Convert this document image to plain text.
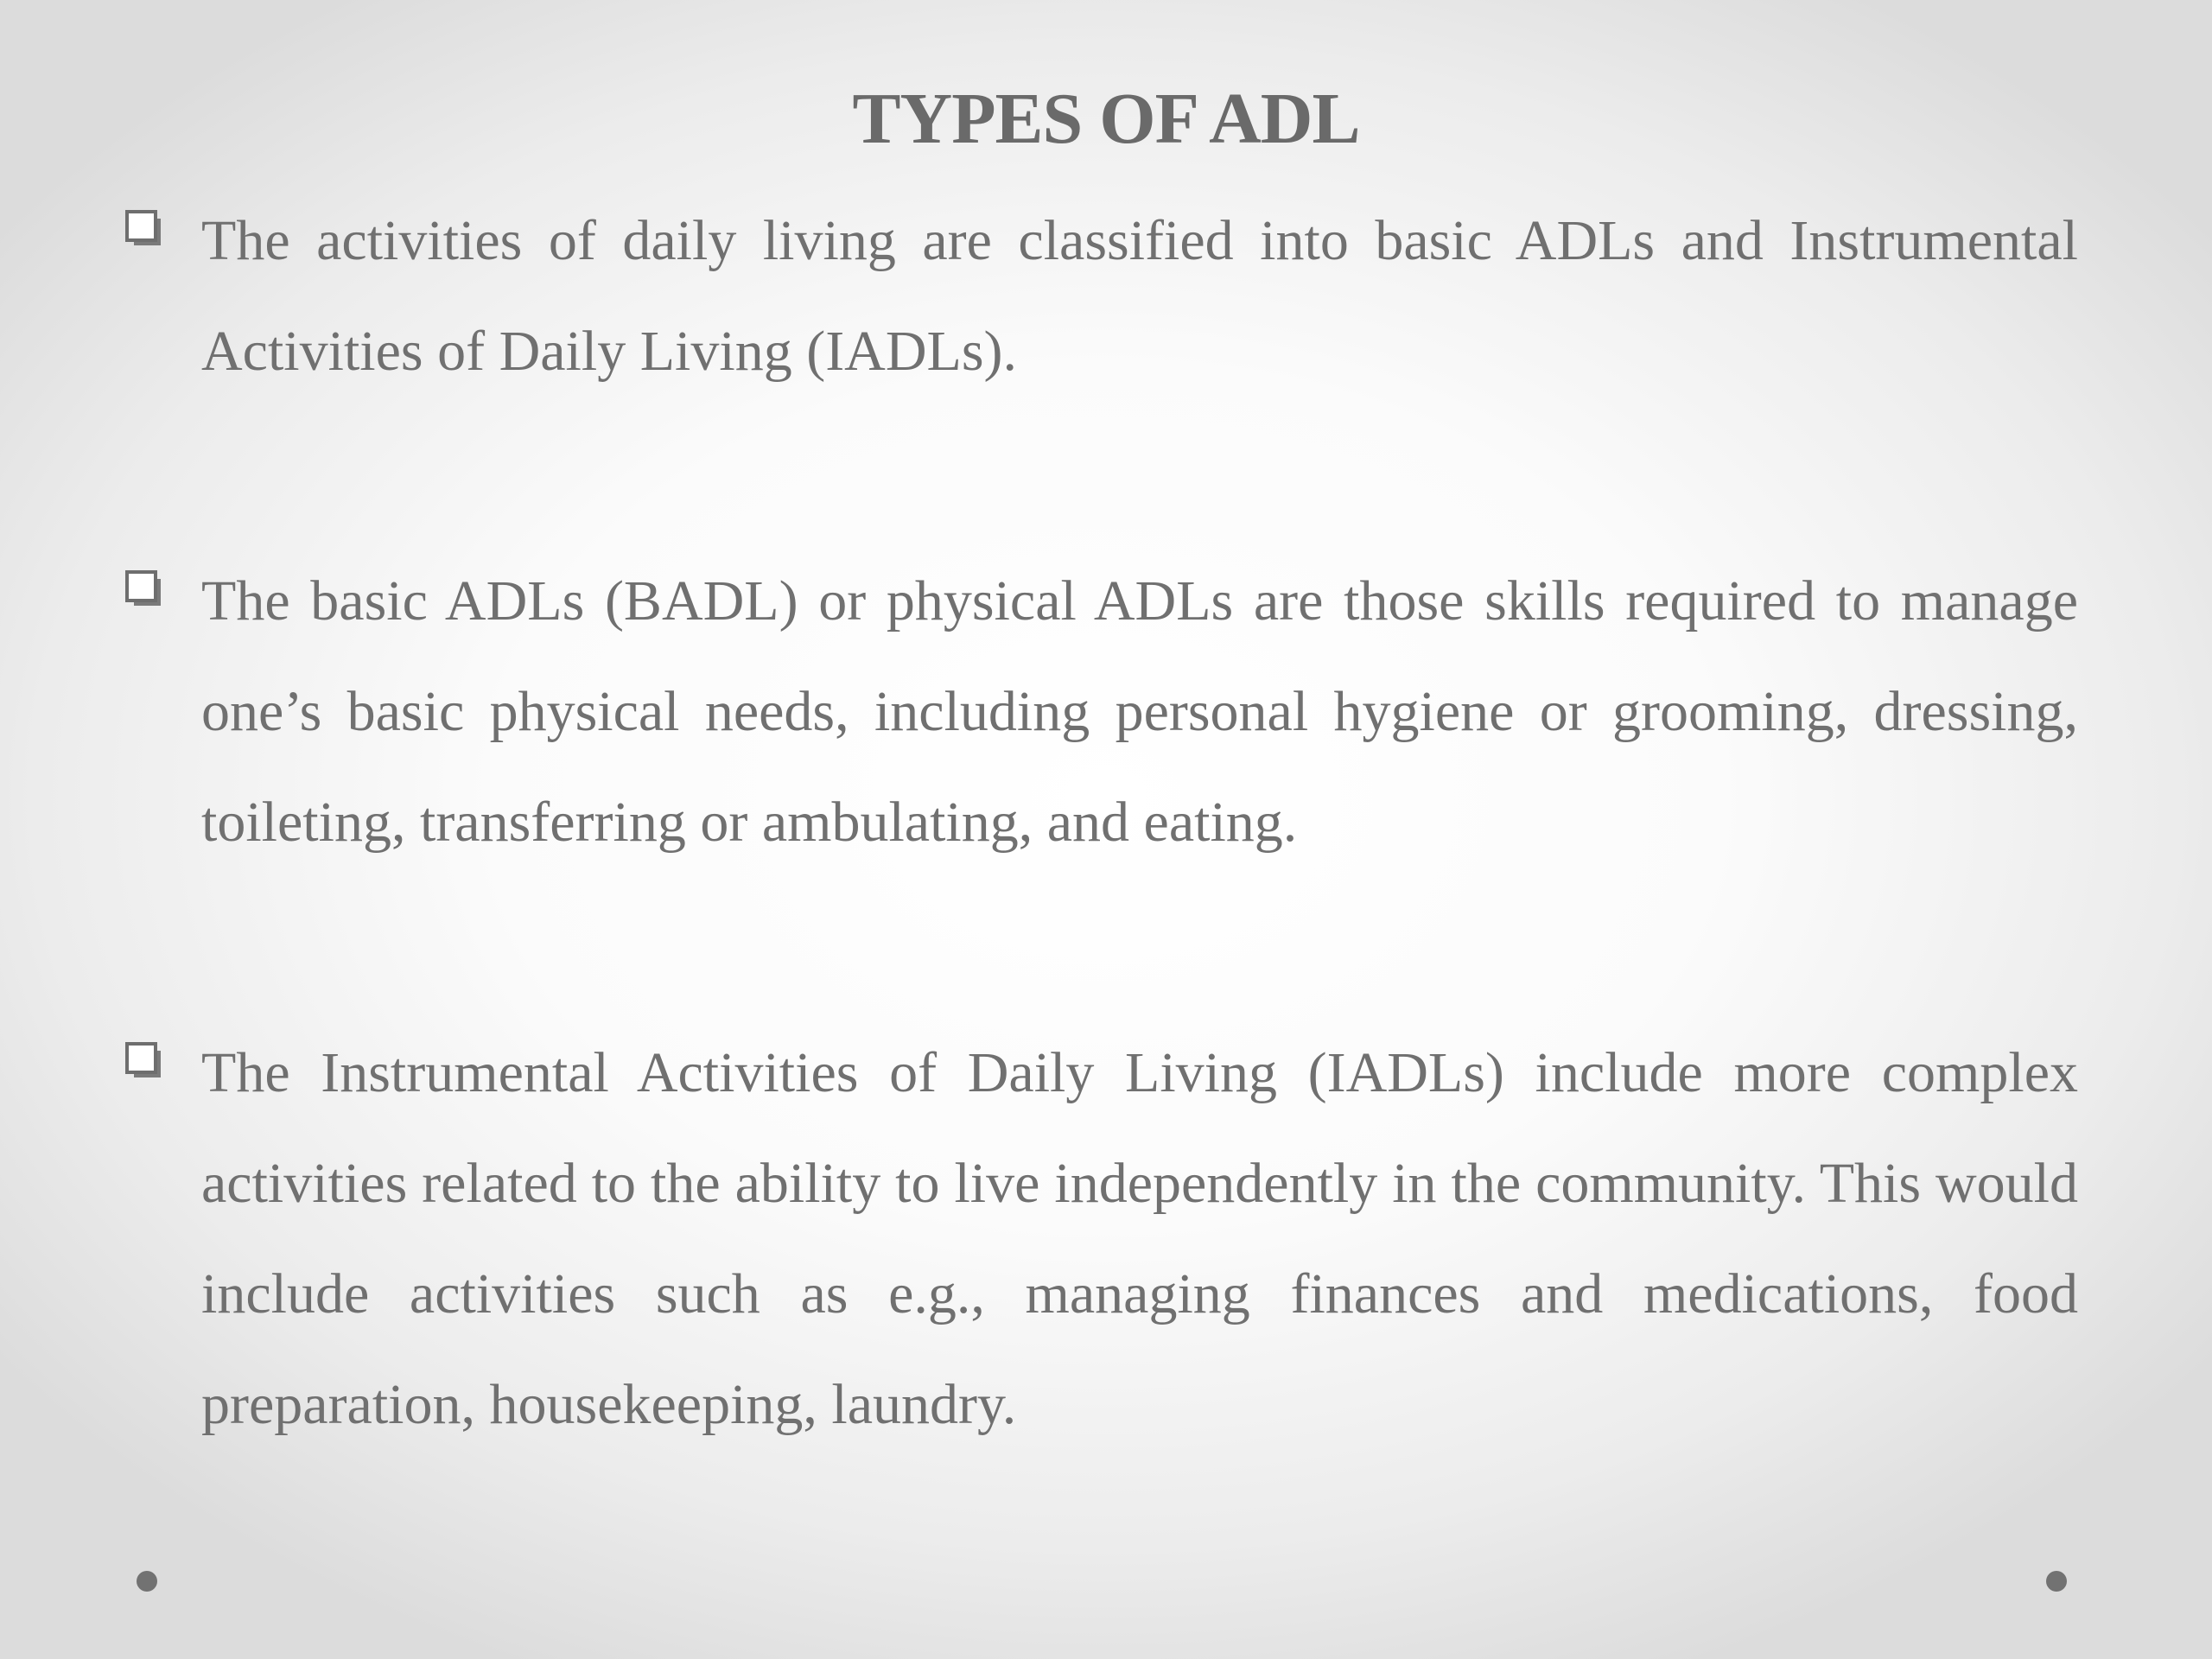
TYPES OF ADL

The activities of daily living are classified into basic ADLs and Instrumental Activities of Daily Living (IADLs).

The basic ADLs (BADL) or physical ADLs are those skills required to manage one’s basic physical needs, including personal hygiene or grooming, dressing, toileting, transferring or ambulating, and eating.

The Instrumental Activities of Daily Living (IADLs) include more complex activities related to the ability to live independently in the community. This would include activities such as e.g., managing finances and medications, food preparation, housekeeping, laundry.
